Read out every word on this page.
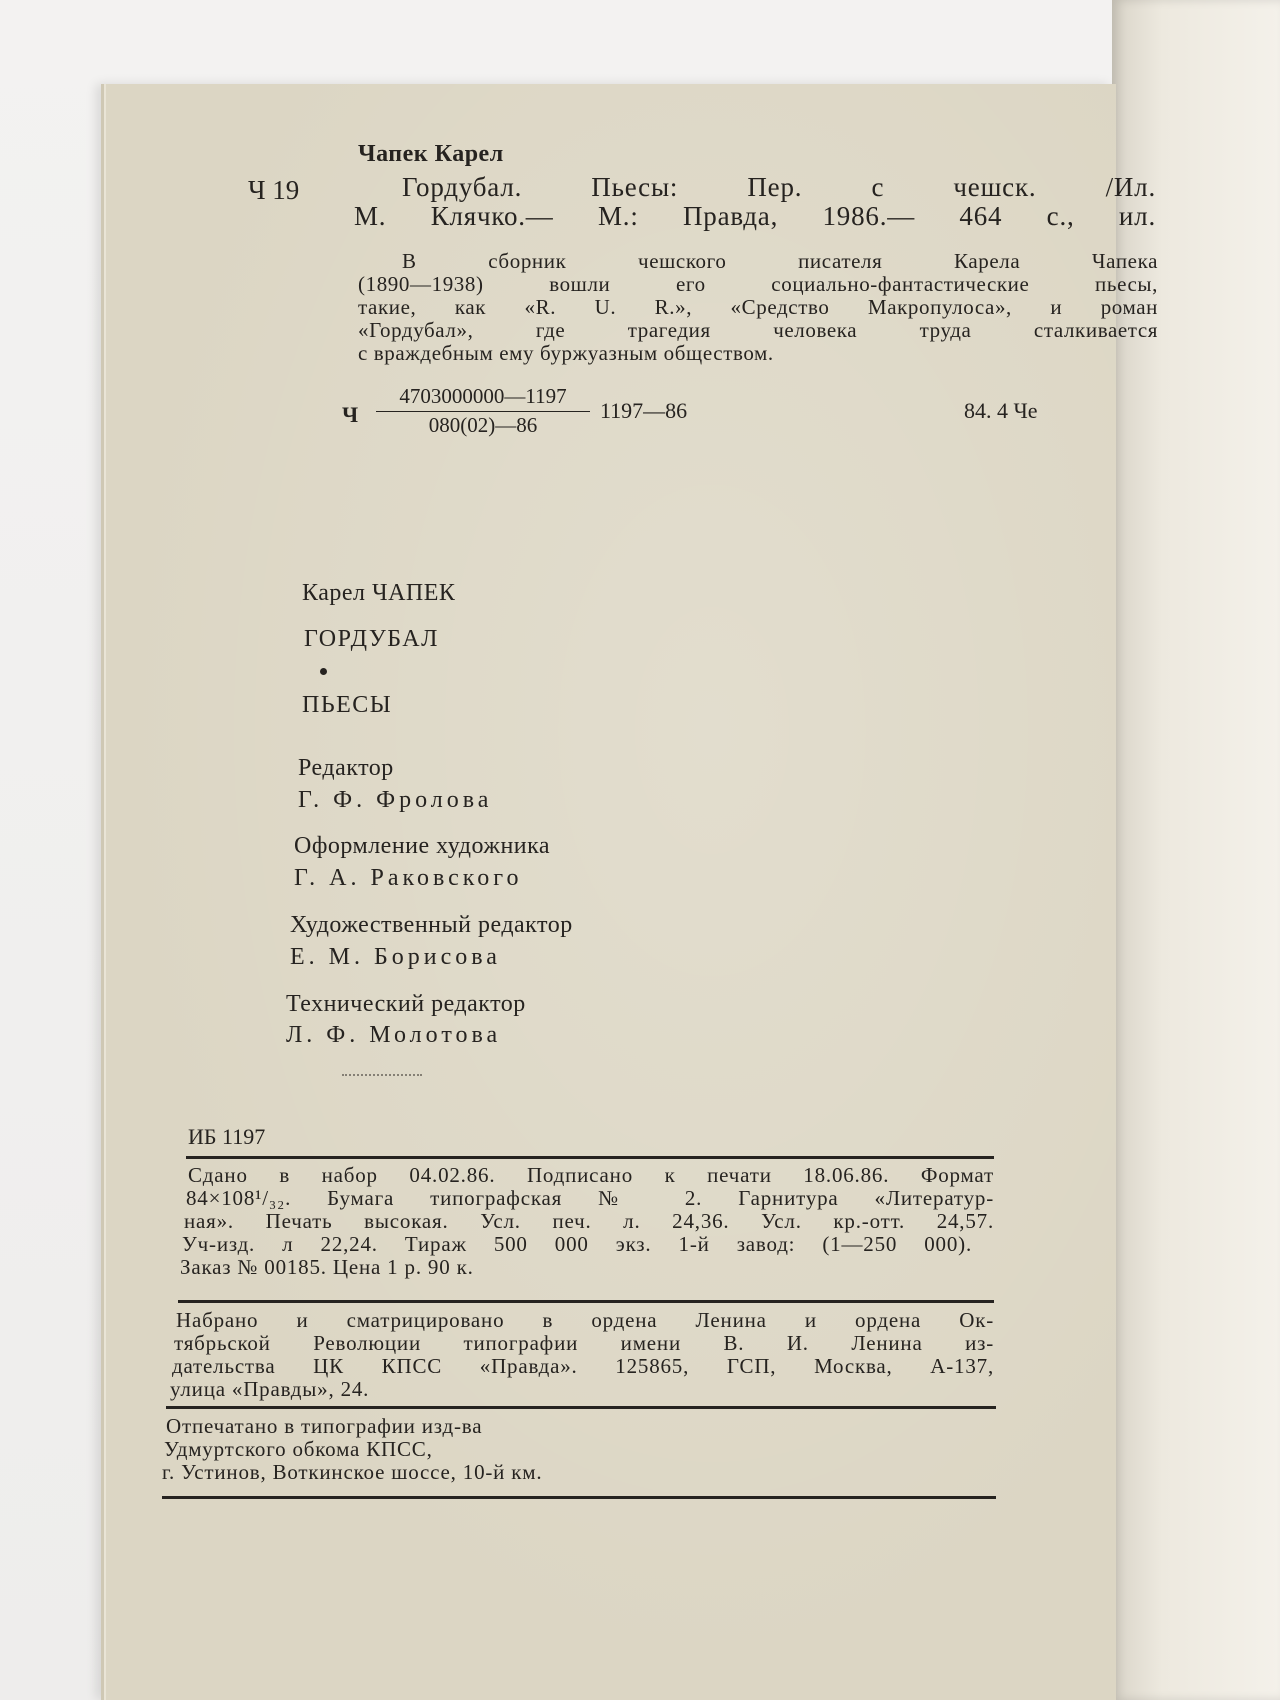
Чапек Карел
Ч 19	Гордубал. Пьесы: Пер. с чешск. /Ил.
М. Клячко.— М.: Правда, 1986.— 464 с., ил.
В сборник чешского писателя Карела Чапека
(1890—1938) вошли его социально-фантастические пьесы,
такие, как «R. U. R.», «Средство Макропулоса», и роман
«Гордубал», где трагедия человека труда сталкивается
с враждебным ему буржуазным обществом.
Ч $\frac{4703000000—1197}{080(02)—86}$ 1197—86	84. 4 Че
Карел ЧАПЕК
ГОРДУБАЛ
ПЬЕСЫ
Редактор
Г. Ф. Фролова
Оформление художника
Г. А. Раковского
Художественный редактор
Е. М. Борисова
Технический редактор
Л. Ф. Молотова
ИБ 1197
Сдано в набор 04.02.86. Подписано к печати 18.06.86. Формат
84×108¹/₃₂. Бумага типографская № 2. Гарнитура «Литератур-
ная». Печать высокая. Усл. печ. л. 24,36. Усл. кр.-отт. 24,57.
Уч-изд. л 22,24. Тираж 500 000 экз. 1-й завод: (1—250 000).
Заказ № 00185. Цена 1 р. 90 к.
Набрано и сматрицировано в ордена Ленина и ордена Ок-
тябрьской Революции типографии имени В. И. Ленина из-
дательства ЦК КПСС «Правда». 125865, ГСП, Москва, А-137,
улица «Правды», 24.
Отпечатано в типографии изд-ва
Удмуртского обкома КПСС,
г. Устинов, Воткинское шоссе, 10-й км.
